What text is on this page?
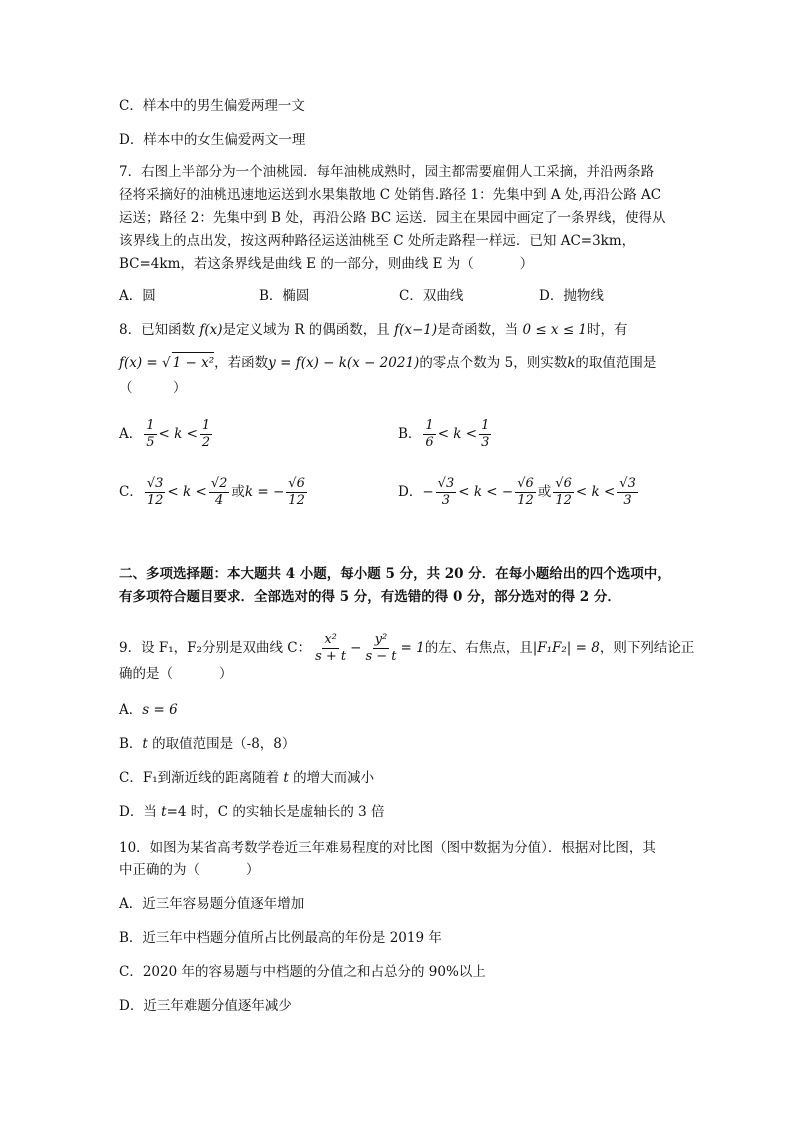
C．样本中的男生偏爱两理一文
D．样本中的女生偏爱两文一理
7．右图上半部分为一个油桃园．每年油桃成熟时，园主都需要雇佣人工采摘，并沿两条路
径将采摘好的油桃迅速地运送到水果集散地 C 处销售.路径 1：先集中到 A 处,再沿公路 AC
运送；路径 2：先集中到 B 处，再沿公路 BC 运送．园主在果园中画定了一条界线，使得从
该界线上的点出发，按这两种路径运送油桃至 C 处所走路程一样远．已知 AC=3km，
BC=4km，若这条界线是曲线 E 的一部分，则曲线 E 为（	）
A．圆	B．椭圆	C．双曲线	D．抛物线
8．已知函数 f(x)是定义域为 R 的偶函数，且 f(x−1)是奇函数，当 0 ≤ x ≤ 1时，有
f(x) = √ 1 − x²，若函数y = f(x) − k(x − 2021)的零点个数为 5，则实数k的取值范围是
（　　　）
A． $\frac{1}{5} < k < \frac{1}{2}$	B． $\frac{1}{6} < k < \frac{1}{3}$
C． $\frac{√3}{12} < k < \frac{√2}{4}$ 或k = − $\frac{√6}{12}$	D．− $\frac{√3}{3} < k$ < − $\frac{√6}{12}$ 或 $\frac{√6}{12} < k < \frac{√3}{3}$
二、多项选择题：本大题共 4 小题，每小题 5 分，共 20 分．在每小题给出的四个选项中，
有多项符合题目要求．全部选对的得 5 分，有选错的得 0 分，部分选对的得 2 分．
9．设 F₁，F₂分别是双曲线 C： $\frac{\text{x²}}{s + t} - \frac{\text{y²}}{s - t} = 1$的左、右焦点，且|F₁F₂| = 8，则下列结论正
确的是（	）
A．s = 6
B．t 的取值范围是（-8，8）
C．F₁到渐近线的距离随着 t 的增大而减小
D．当 t=4 时，C 的实轴长是虚轴长的 3 倍
10．如图为某省高考数学卷近三年难易程度的对比图（图中数据为分值）．根据对比图，其
中正确的为（	）
A．近三年容易题分值逐年增加
B．近三年中档题分值所占比例最高的年份是 2019 年
C．2020 年的容易题与中档题的分值之和占总分的 90%以上
D．近三年难题分值逐年减少
